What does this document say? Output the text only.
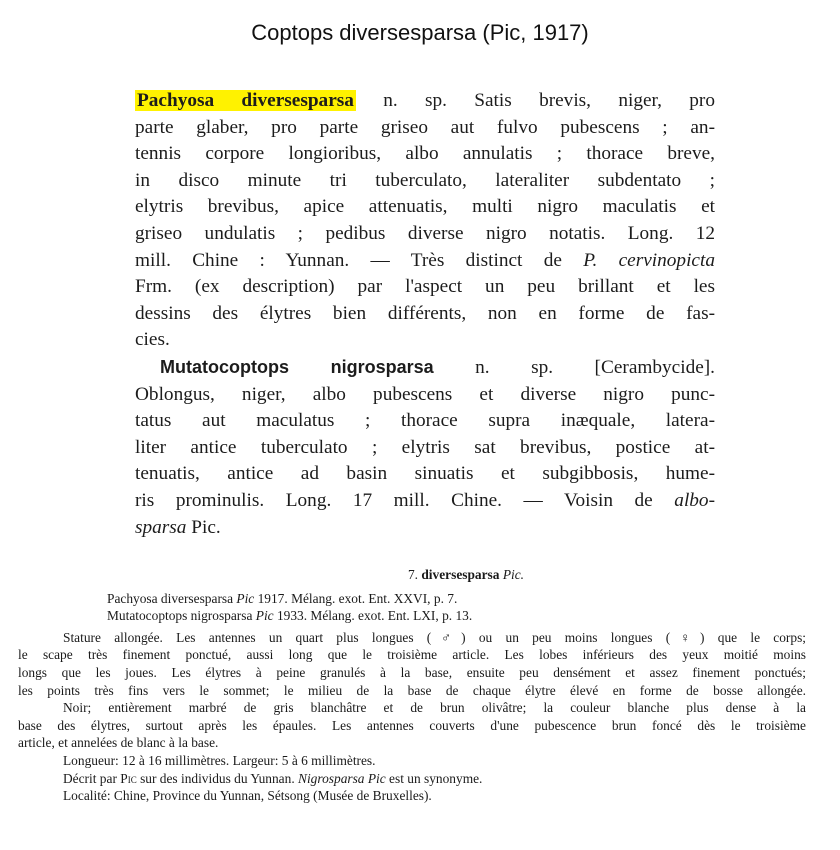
Coptops diversesparsa (Pic, 1917)
Pachyosa diversesparsa n. sp. Satis brevis, niger, pro
parte glaber, pro parte griseo aut fulvo pubescens ; an-
tennis corpore longioribus, albo annulatis ; thorace breve,
in disco minute tri tuberculato, lateraliter subdentato ;
elytris brevibus, apice attenuatis, multi nigro maculatis et
griseo undulatis ; pedibus diverse nigro notatis. Long. 12
mill. Chine : Yunnan. — Très distinct de P. cervinopicta
Frm. (ex description) par l'aspect un peu brillant et les
dessins des élytres bien différents, non en forme de fas-
cies.
Mutatocoptops nigrosparsa n. sp. [Cerambycide].
Oblongus, niger, albo pubescens et diverse nigro punc-
tatus aut maculatus ; thorace supra inæquale, latera-
liter antice tuberculato ; elytris sat brevibus, postice at-
tenuatis, antice ad basin sinuatis et subgibbosis, hume-
ris prominulis. Long. 17 mill. Chine. — Voisin de albo-
sparsa Pic.
7. diversesparsa Pic.
Pachyosa diversesparsa Pic 1917. Mélang. exot. Ent. XXVI, p. 7.
Mutatocoptops nigrosparsa Pic 1933. Mélang. exot. Ent. LXI, p. 13.
Stature allongée. Les antennes un quart plus longues (♂) ou un peu moins longues (♀) que le corps;
le scape très finement ponctué, aussi long que le troisième article. Les lobes inférieurs des yeux moitié moins
longs que les joues. Les élytres à peine granulés à la base, ensuite peu densément et assez finement ponctués;
les points très fins vers le sommet; le milieu de la base de chaque élytre élevé en forme de bosse allongée.
Noir; entièrement marbré de gris blanchâtre et de brun olivâtre; la couleur blanche plus dense à la
base des élytres, surtout après les épaules. Les antennes couverts d'une pubescence brun foncé dès le troisième
article, et annelées de blanc à la base.
Longueur: 12 à 16 millimètres. Largeur: 5 à 6 millimètres.
Décrit par Pic sur des individus du Yunnan. Nigrosparsa Pic est un synonyme.
Localité: Chine, Province du Yunnan, Sétsong (Musée de Bruxelles).
